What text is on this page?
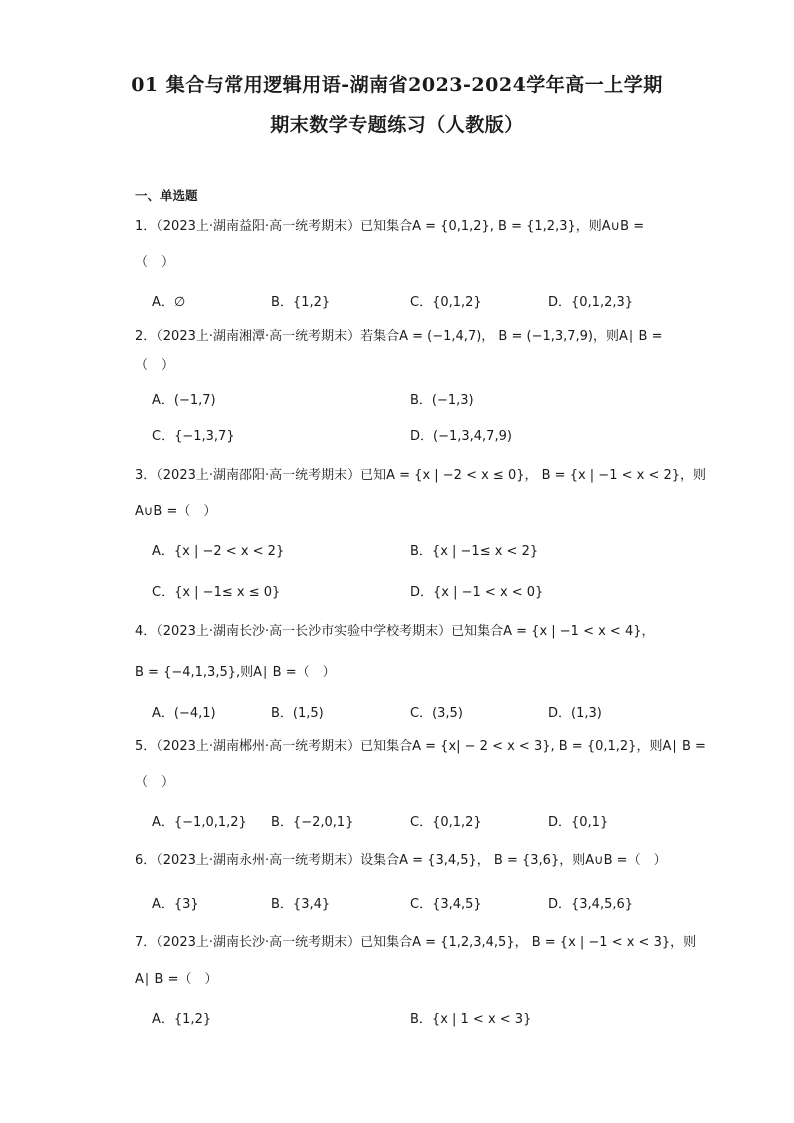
01 集合与常用逻辑用语-湖南省2023-2024学年高一上学期
期末数学专题练习（人教版）
一、单选题
1．（2023上·湖南益阳·高一统考期末）已知集合A = {0,1,2}, B = {1,2,3}，则A∪B =
（　）
A．∅	B．{1,2}	C．{0,1,2}	D．{0,1,2,3}
2．（2023上·湖南湘潭·高一统考期末）若集合A = (−1,4,7)， B = (−1,3,7,9)，则A∣ B =
（　）
A．(−1,7)	B．(−1,3)
C．{−1,3,7}	D．(−1,3,4,7,9)
3．（2023上·湖南邵阳·高一统考期末）已知A = {x | −2 < x ≤ 0}， B = {x | −1 < x < 2}，则
A∪B =（　）
A．{x | −2 < x < 2}	B．{x | −1≤ x < 2}
C．{x | −1≤ x ≤ 0}	D．{x | −1 < x < 0}
4．（2023上·湖南长沙·高一长沙市实验中学校考期末）已知集合A = {x | −1 < x < 4}，
B = {−4,1,3,5},则A∣ B =（　）
A．(−4,1)	B．(1,5)	C．(3,5)	D．(1,3)
5．（2023上·湖南郴州·高一统考期末）已知集合A = {x| − 2 < x < 3}, B = {0,1,2}，则A∣ B =
（　）
A．{−1,0,1,2} B．{−2,0,1}	C．{0,1,2}	D．{0,1}
6．（2023上·湖南永州·高一统考期末）设集合A = {3,4,5}， B = {3,6}，则A∪B =（　）
A．{3}	B．{3,4}	C．{3,4,5}	D．{3,4,5,6}
7．（2023上·湖南长沙·高一统考期末）已知集合A = {1,2,3,4,5}， B = {x | −1 < x < 3}，则
A∣ B =（　）
A．{1,2}	B．{x | 1 < x < 3}
